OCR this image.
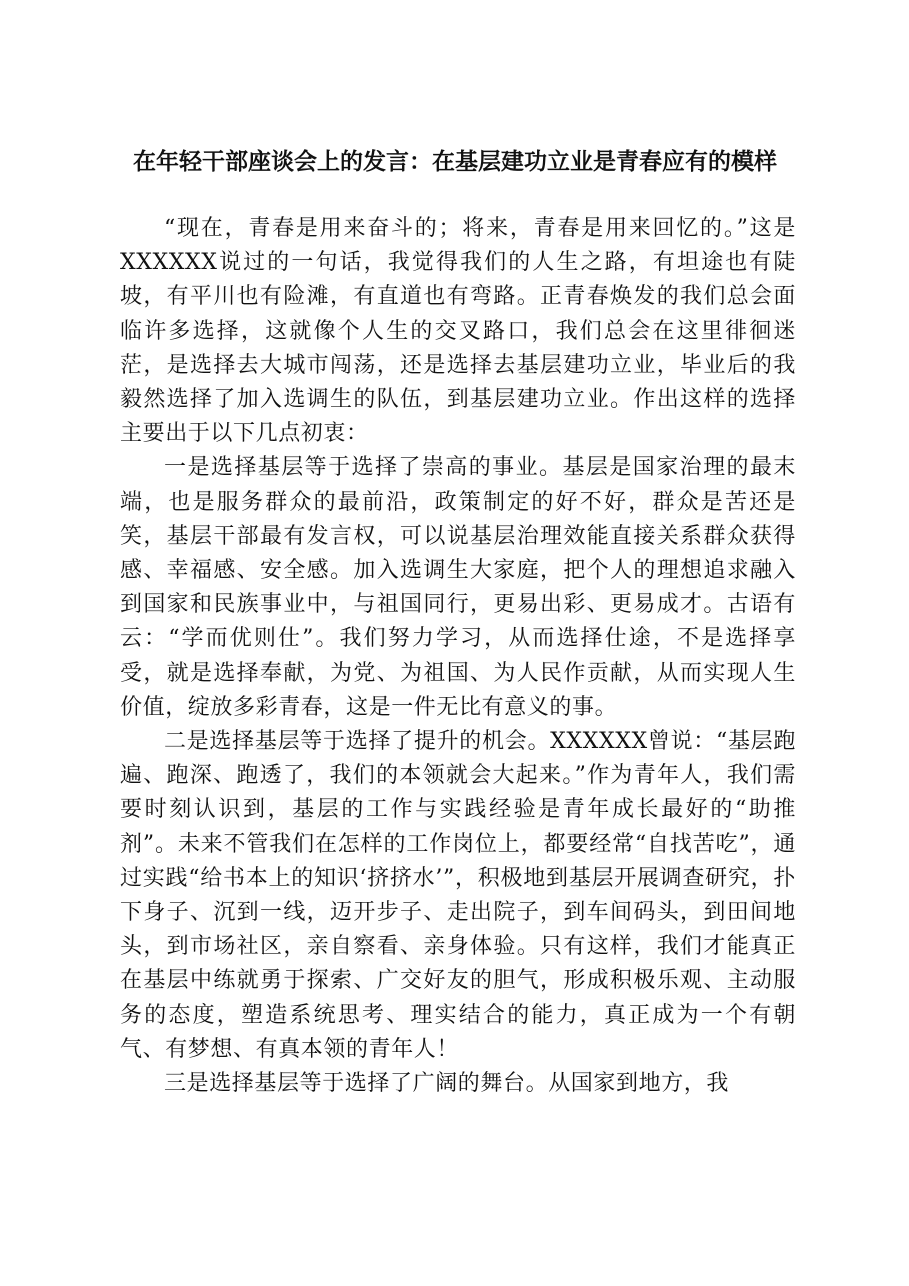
在年轻干部座谈会上的发言：在基层建功立业是青春应有的模样

“现在，青春是用来奋斗的；将来，青春是用来回忆的。”这是XXXXXX说过的一句话，我觉得我们的人生之路，有坦途也有陡坡，有平川也有险滩，有直道也有弯路。正青春焕发的我们总会面临许多选择，这就像个人生的交叉路口，我们总会在这里徘徊迷茫，是选择去大城市闯荡，还是选择去基层建功立业，毕业后的我毅然选择了加入选调生的队伍，到基层建功立业。作出这样的选择主要出于以下几点初衷：

一是选择基层等于选择了崇高的事业。基层是国家治理的最末端，也是服务群众的最前沿，政策制定的好不好，群众是苦还是笑，基层干部最有发言权，可以说基层治理效能直接关系群众获得感、幸福感、安全感。加入选调生大家庭，把个人的理想追求融入到国家和民族事业中，与祖国同行，更易出彩、更易成才。古语有云：“学而优则仕”。我们努力学习，从而选择仕途，不是选择享受，就是选择奉献，为党、为祖国、为人民作贡献，从而实现人生价值，绽放多彩青春，这是一件无比有意义的事。

二是选择基层等于选择了提升的机会。XXXXXX曾说：“基层跑遍、跑深、跑透了，我们的本领就会大起来。”作为青年人，我们需要时刻认识到，基层的工作与实践经验是青年成长最好的“助推剂”。未来不管我们在怎样的工作岗位上，都要经常“自找苦吃”，通过实践“给书本上的知识‘挤挤水’”，积极地到基层开展调查研究，扑下身子、沉到一线，迈开步子、走出院子，到车间码头，到田间地头，到市场社区，亲自察看、亲身体验。只有这样，我们才能真正在基层中练就勇于探索、广交好友的胆气，形成积极乐观、主动服务的态度，塑造系统思考、理实结合的能力，真正成为一个有朝气、有梦想、有真本领的青年人！

三是选择基层等于选择了广阔的舞台。从国家到地方，我
